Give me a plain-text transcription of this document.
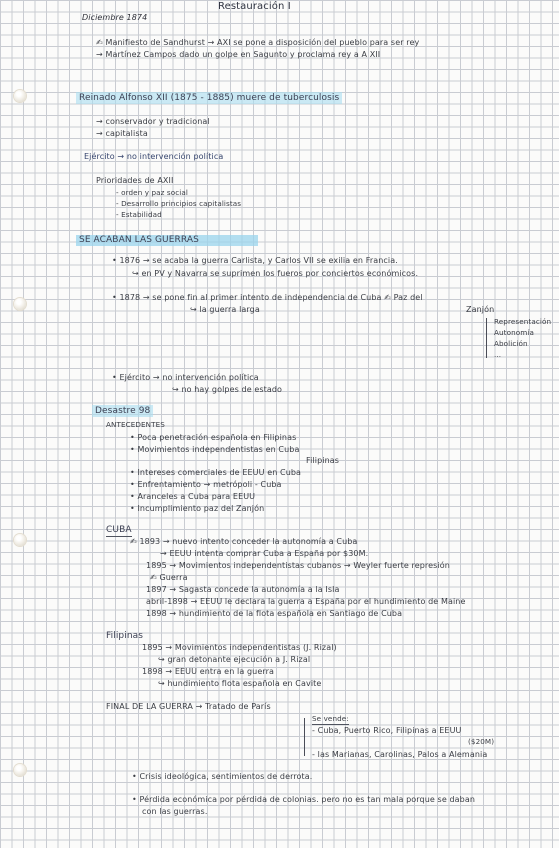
Diciembre 1874
Restauración I
✍ Manifiesto de Sandhurst → AXI se pone a disposición del pueblo para ser rey
→ Martínez Campos dado un golpe en Sagunto y proclama rey a A XII
Reinado Alfonso XII (1875 - 1885) muere de tuberculosis
→ conservador y tradicional
→ capitalista
Ejército → no intervención política
Prioridades de AXII
- orden y paz social
- Desarrollo principios capitalistas
- Estabilidad
SE ACABAN LAS GUERRAS
• 1876 → se acaba la guerra Carlista, y Carlos VII se exilia en Francia.
↪ en PV y Navarra se suprimen los fueros por conciertos económicos.
• 1878 → se pone fin al primer intento de independencia de Cuba ✍ Paz del
↪ la guerra larga	Zanjón
Representación
Autonomía
Abolición
...
• Ejército → no intervención política
↪ no hay golpes de estado
Desastre 98
ANTECEDENTES
• Poca penetración española en Filipinas
• Movimientos independentistas en Cuba
Filipinas
• Intereses comerciales de EEUU en Cuba
• Enfrentamiento → metrópoli - Cuba
• Aranceles a Cuba para EEUU
• Incumplimiento paz del Zanjón
CUBA
✍ 1893 → nuevo intento conceder la autonomía a Cuba
→ EEUU intenta comprar Cuba a España por $30M.
1895 → Movimientos independentistas cubanos → Weyler fuerte represión
✍ Guerra
1897 → Sagasta concede la autonomía a la Isla
abril-1898 → EEUU le declara la guerra a España por el hundimiento de Maine
1898 → hundimiento de la flota española en Santiago de Cuba
Filipinas
1895 → Movimientos independentistas (J. Rizal)
↪ gran detonante ejecución a J. Rizal
1898 → EEUU entra en la guerra
↪ hundimiento flota española en Cavite
FINAL DE LA GUERRA → Tratado de París
Se vende:
- Cuba, Puerto Rico, Filipinas a EEUU
($20M)
- las Marianas, Carolinas, Palos a Alemania
• Crisis ideológica, sentimientos de derrota.
• Pérdida económica por pérdida de colonias. pero no es tan mala porque se daban
con las guerras.
